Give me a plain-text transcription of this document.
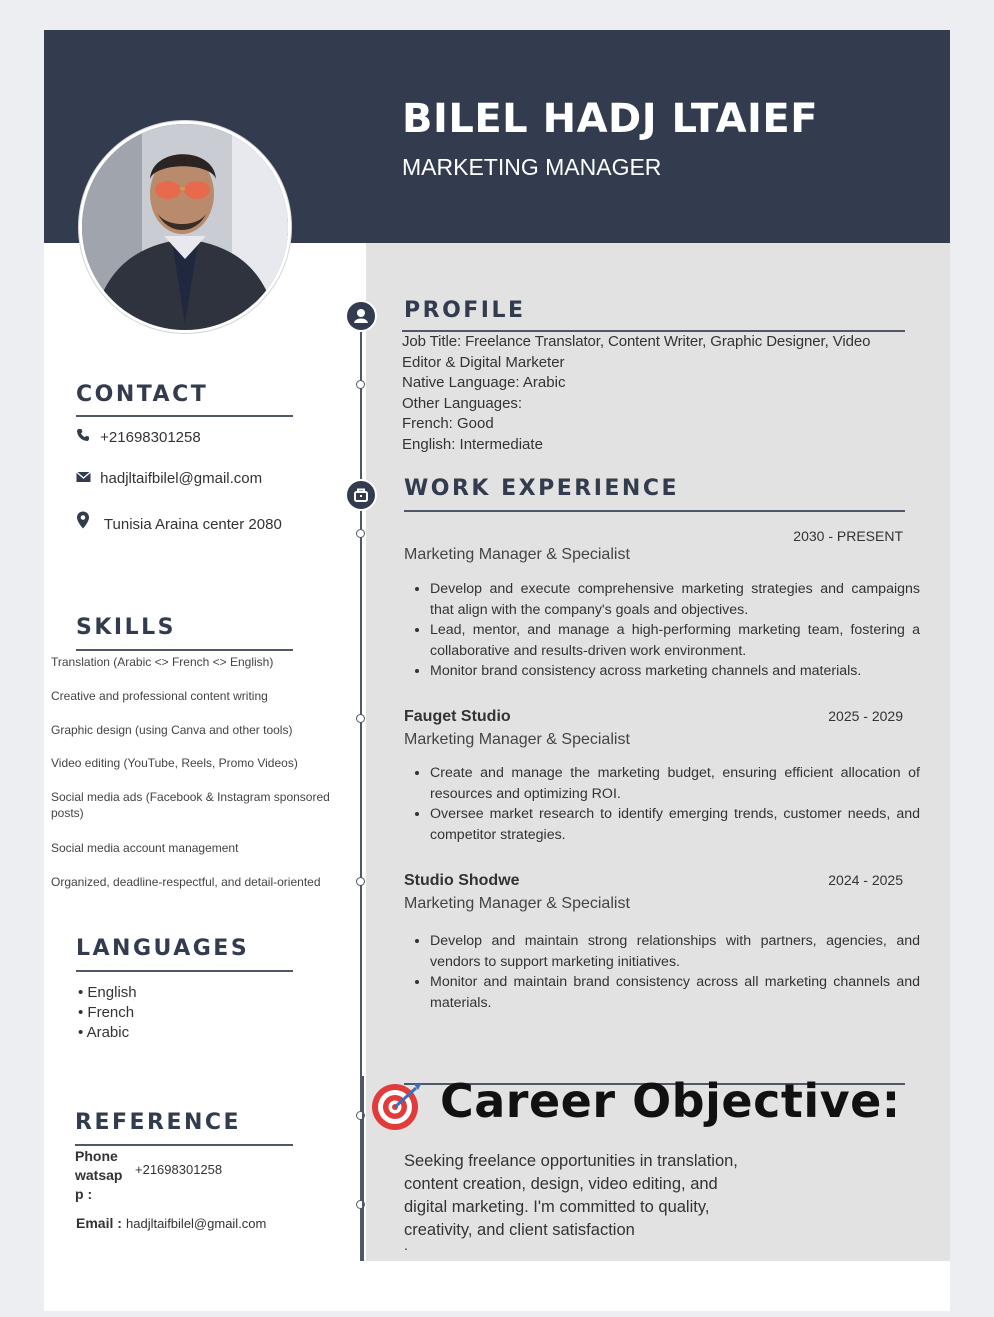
BILEL HADJ LTAIEF
MARKETING MANAGER
CONTACT
+21698301258
hadjltaifbilel@gmail.com
Tunisia Araina center 2080
SKILLS
Translation (Arabic <> French <> English)
Creative and professional content writing
Graphic design (using Canva and other tools)
Video editing (YouTube, Reels, Promo Videos)
Social media ads (Facebook & Instagram sponsored posts)
Social media account management
Organized, deadline-respectful, and detail-oriented
LANGUAGES
• English
• French
• Arabic
REFERENCE
Phone
watsap
p :
+21698301258
Email : hadjltaifbilel@gmail.com
PROFILE
Job Title: Freelance Translator, Content Writer, Graphic Designer, Video
Editor & Digital Marketer
Native Language: Arabic
Other Languages:
French: Good
English: Intermediate
WORK EXPERIENCE
2030 - PRESENT
Marketing Manager & Specialist
• Develop and execute comprehensive marketing strategies and campaigns that align with the company's goals and objectives.
• Lead, mentor, and manage a high-performing marketing team, fostering a collaborative and results-driven work environment.
• Monitor brand consistency across marketing channels and materials.
Fauget Studio	2025 - 2029
Marketing Manager & Specialist
• Create and manage the marketing budget, ensuring efficient allocation of resources and optimizing ROI.
• Oversee market research to identify emerging trends, customer needs, and competitor strategies.
Studio Shodwe	2024 - 2025
Marketing Manager & Specialist
• Develop and maintain strong relationships with partners, agencies, and vendors to support marketing initiatives.
• Monitor and maintain brand consistency across all marketing channels and materials.
Career Objective:
Seeking freelance opportunities in translation, content creation, design, video editing, and digital marketing. I'm committed to quality, creativity, and client satisfaction
.
